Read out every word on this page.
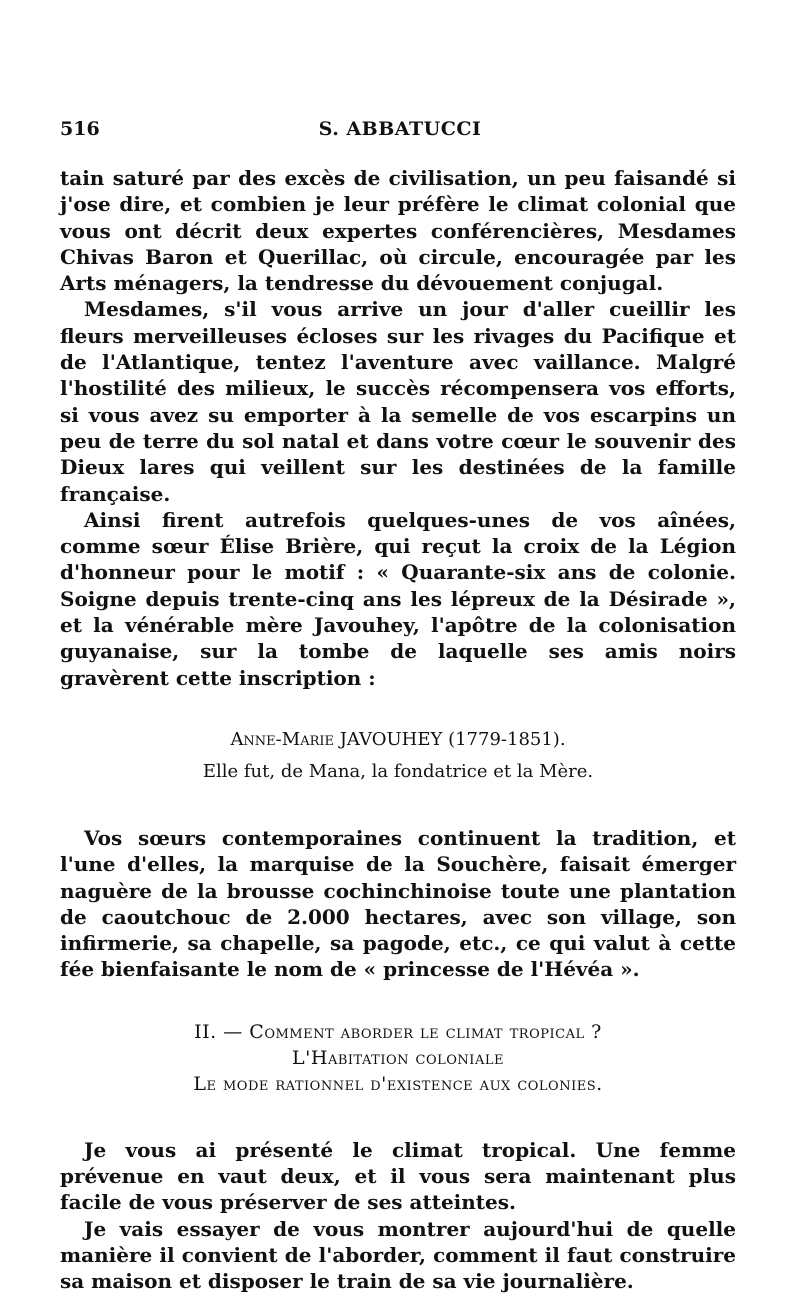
516	S. ABBATUCCI

tain saturé par des excès de civilisation, un peu faisandé si j'ose dire, et combien je leur préfère le climat colonial que vous ont décrit deux expertes conférencières, Mesdames Chivas Baron et Querillac, où circule, encouragée par les Arts ménagers, la tendresse du dévouement conjugal.

Mesdames, s'il vous arrive un jour d'aller cueillir les fleurs merveilleuses écloses sur les rivages du Pacifique et de l'Atlantique, tentez l'aventure avec vaillance. Malgré l'hostilité des milieux, le succès récompensera vos efforts, si vous avez su emporter à la semelle de vos escarpins un peu de terre du sol natal et dans votre cœur le souvenir des Dieux lares qui veillent sur les destinées de la famille française.

Ainsi firent autrefois quelques-unes de vos aînées, comme sœur Élise Brière, qui reçut la croix de la Légion d'honneur pour le motif : « Quarante-six ans de colonie. Soigne depuis trente-cinq ans les lépreux de la Désirade », et la vénérable mère Javouhey, l'apôtre de la colonisation guyanaise, sur la tombe de laquelle ses amis noirs gravèrent cette inscription :

Anne-Marie JAVOUHEY (1779-1851).
Elle fut, de Mana, la fondatrice et la Mère.

Vos sœurs contemporaines continuent la tradition, et l'une d'elles, la marquise de la Souchère, faisait émerger naguère de la brousse cochinchinoise toute une plantation de caoutchouc de 2.000 hectares, avec son village, son infirmerie, sa chapelle, sa pagode, etc., ce qui valut à cette fée bienfaisante le nom de « princesse de l'Hévéa ».

II. — Comment aborder le climat tropical ?
L'Habitation coloniale
Le mode rationnel d'existence aux colonies.

Je vous ai présenté le climat tropical. Une femme prévenue en vaut deux, et il vous sera maintenant plus facile de vous préserver de ses atteintes.

Je vais essayer de vous montrer aujourd'hui de quelle manière il convient de l'aborder, comment il faut construire sa maison et disposer le train de sa vie journalière.
